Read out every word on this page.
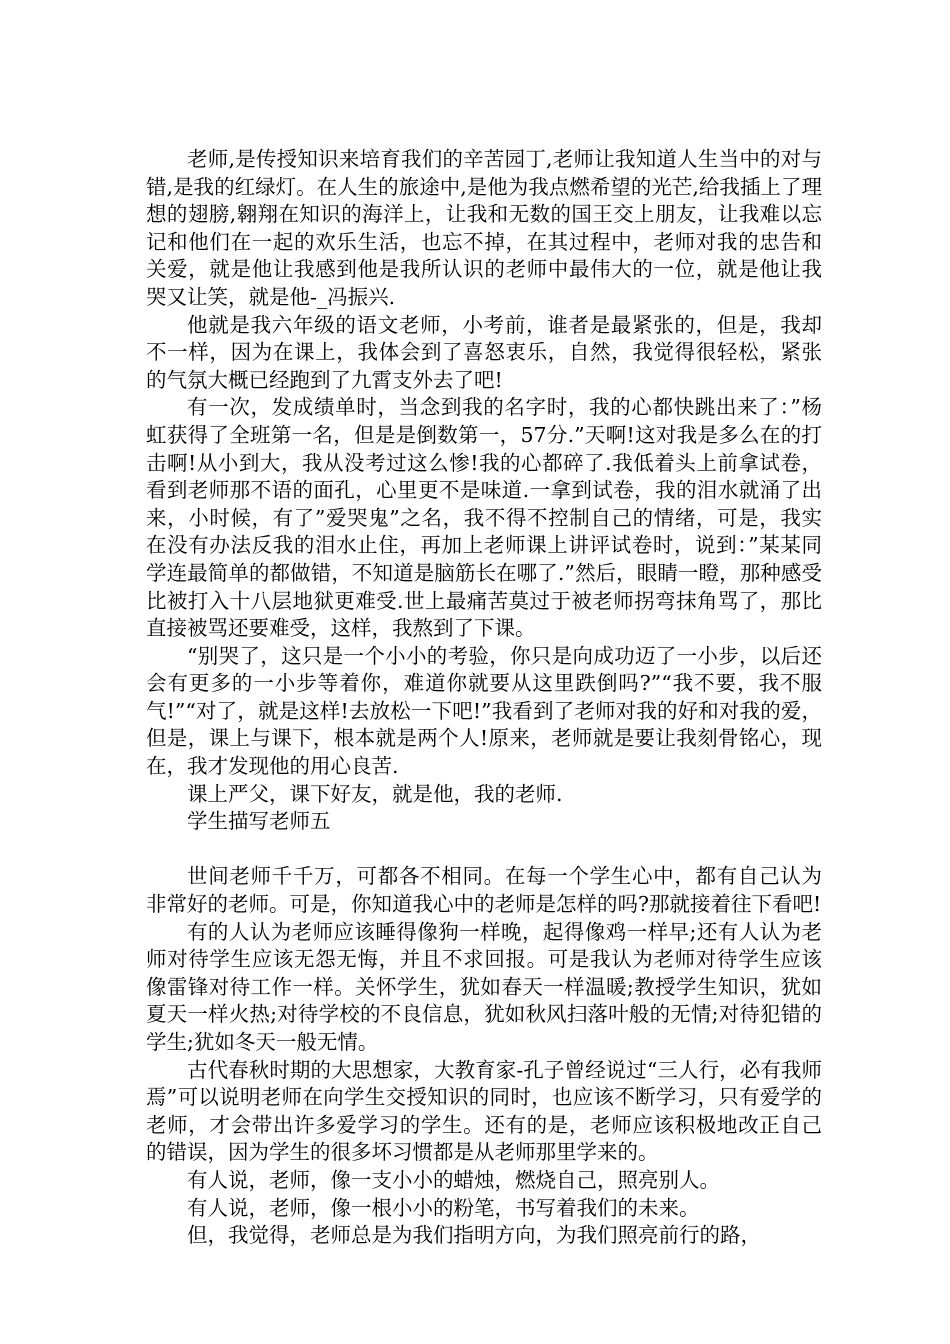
老师,是传授知识来培育我们的辛苦园丁,老师让我知道人生当中的对与错,是我的红绿灯。在人生的旅途中,是他为我点燃希望的光芒,给我插上了理想的翅膀,翱翔在知识的海洋上，让我和无数的国王交上朋友，让我难以忘记和他们在一起的欢乐生活，也忘不掉，在其过程中，老师对我的忠告和关爱，就是他让我感到他是我所认识的老师中最伟大的一位，就是他让我哭又让笑，就是他-_冯振兴.

他就是我六年级的语文老师，小考前，谁者是最紧张的，但是，我却不一样，因为在课上，我体会到了喜怒衷乐，自然，我觉得很轻松，紧张的气氛大概已经跑到了九霄支外去了吧!

有一次，发成绩单时，当念到我的名字时，我的心都快跳出来了：”杨虹获得了全班第一名，但是是倒数第一，57分.”天啊!这对我是多么在的打击啊!从小到大，我从没考过这么惨!我的心都碎了.我低着头上前拿试卷，看到老师那不语的面孔，心里更不是味道.一拿到试卷，我的泪水就涌了出来，小时候，有了”爱哭鬼”之名，我不得不控制自己的情绪，可是，我实在没有办法反我的泪水止住，再加上老师课上讲评试卷时，说到：”某某同学连最简单的都做错，不知道是脑筋长在哪了.”然后，眼睛一瞪，那种感受比被打入十八层地狱更难受.世上最痛苦莫过于被老师拐弯抹角骂了，那比直接被骂还要难受，这样，我熬到了下课。

“别哭了，这只是一个小小的考验，你只是向成功迈了一小步，以后还会有更多的一小步等着你，难道你就要从这里跌倒吗?”“我不要，我不服气!”“对了，就是这样!去放松一下吧!”我看到了老师对我的好和对我的爱，但是，课上与课下，根本就是两个人!原来，老师就是要让我刻骨铭心，现在，我才发现他的用心良苦.

课上严父，课下好友，就是他，我的老师.

学生描写老师五

世间老师千千万，可都各不相同。在每一个学生心中，都有自己认为非常好的老师。可是，你知道我心中的老师是怎样的吗?那就接着往下看吧!

有的人认为老师应该睡得像狗一样晚，起得像鸡一样早;还有人认为老师对待学生应该无怨无悔，并且不求回报。可是我认为老师对待学生应该像雷锋对待工作一样。关怀学生，犹如春天一样温暖;教授学生知识，犹如夏天一样火热;对待学校的不良信息，犹如秋风扫落叶般的无情;对待犯错的学生;犹如冬天一般无情。

古代春秋时期的大思想家，大教育家-孔子曾经说过“三人行，必有我师焉”可以说明老师在向学生交授知识的同时，也应该不断学习，只有爱学的老师，才会带出许多爱学习的学生。还有的是，老师应该积极地改正自己的错误，因为学生的很多坏习惯都是从老师那里学来的。

有人说，老师，像一支小小的蜡烛，燃烧自己，照亮别人。

有人说，老师，像一根小小的粉笔，书写着我们的未来。

但，我觉得，老师总是为我们指明方向，为我们照亮前行的路，
